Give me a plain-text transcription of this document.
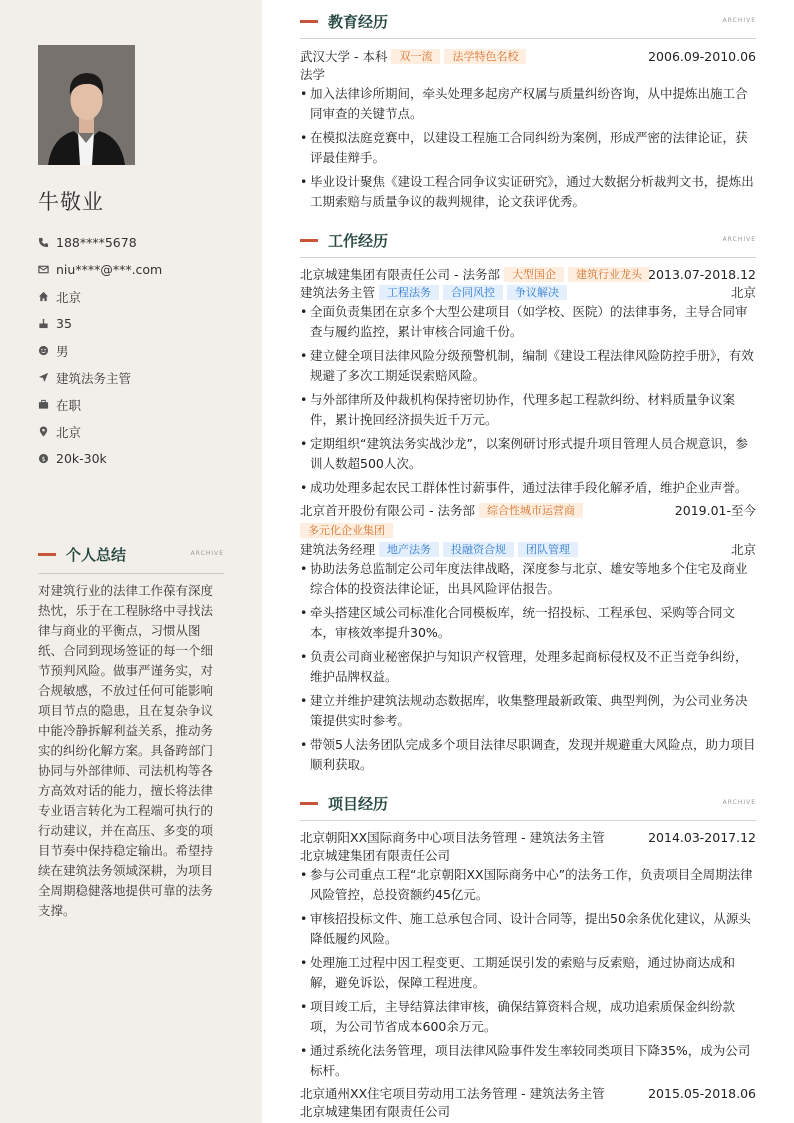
牛敬业
188****5678
niu****@***.com
北京
35
男
建筑法务主管
在职
北京
$ 20k-30k
个人总结	ARCHIVE
对建筑行业的法律工作葆有深度热忱，乐于在工程脉络中寻找法律与商业的平衡点，习惯从图纸、合同到现场签证的每一个细节预判风险。做事严谨务实，对合规敏感，不放过任何可能影响项目节点的隐患，且在复杂争议中能冷静拆解利益关系，推动务实的纠纷化解方案。具备跨部门协同与外部律师、司法机构等各方高效对话的能力，擅长将法律专业语言转化为工程端可执行的行动建议，并在高压、多变的项目节奏中保持稳定输出。希望持续在建筑法务领域深耕，为项目全周期稳健落地提供可靠的法务支撑。
教育经历	ARCHIVE
武汉大学 - 本科 双一流 法学特色名校	2006.09-2010.06
法学
• 加入法律诊所期间，牵头处理多起房产权属与质量纠纷咨询，从中提炼出施工合同审查的关键节点。
• 在模拟法庭竞赛中，以建设工程施工合同纠纷为案例，形成严密的法律论证，获评最佳辩手。
• 毕业设计聚焦《建设工程合同争议实证研究》，通过大数据分析裁判文书，提炼出工期索赔与质量争议的裁判规律，论文获评优秀。
工作经历	ARCHIVE
北京城建集团有限责任公司 - 法务部 大型国企 建筑行业龙头 2013.07-2018.12
建筑法务主管 工程法务 合同风控 争议解决	北京
• 全面负责集团在京多个大型公建项目（如学校、医院）的法律事务，主导合同审查与履约监控，累计审核合同逾千份。
• 建立健全项目法律风险分级预警机制，编制《建设工程法律风险防控手册》，有效规避了多次工期延误索赔风险。
• 与外部律所及仲裁机构保持密切协作，代理多起工程款纠纷、材料质量争议案件，累计挽回经济损失近千万元。
• 定期组织“建筑法务实战沙龙”，以案例研讨形式提升项目管理人员合规意识，参训人数超500人次。
• 成功处理多起农民工群体性讨薪事件，通过法律手段化解矛盾，维护企业声誉。
北京首开股份有限公司 - 法务部 综合性城市运营商	2019.01-至今
多元化企业集团
建筑法务经理 地产法务 投融资合规 团队管理	北京
• 协助法务总监制定公司年度法律战略，深度参与北京、雄安等地多个住宅及商业综合体的投资法律论证，出具风险评估报告。
• 牵头搭建区域公司标准化合同模板库，统一招投标、工程承包、采购等合同文本，审核效率提升30%。
• 负责公司商业秘密保护与知识产权管理，处理多起商标侵权及不正当竞争纠纷，维护品牌权益。
• 建立并维护建筑法规动态数据库，收集整理最新政策、典型判例，为公司业务决策提供实时参考。
• 带领5人法务团队完成多个项目法律尽职调查，发现并规避重大风险点，助力项目顺利获取。
项目经历	ARCHIVE
北京朝阳XX国际商务中心项目法务管理 - 建筑法务主管	2014.03-2017.12
北京城建集团有限责任公司
• 参与公司重点工程“北京朝阳XX国际商务中心”的法务工作，负责项目全周期法律风险管控，总投资额约45亿元。
• 审核招投标文件、施工总承包合同、设计合同等，提出50余条优化建议，从源头降低履约风险。
• 处理施工过程中因工程变更、工期延误引发的索赔与反索赔，通过协商达成和解，避免诉讼，保障工程进度。
• 项目竣工后，主导结算法律审核，确保结算资料合规，成功追索质保金纠纷款项，为公司节省成本600余万元。
• 通过系统化法务管理，项目法律风险事件发生率较同类项目下降35%，成为公司标杆。
北京通州XX住宅项目劳动用工法务管理 - 建筑法务主管	2015.05-2018.06
北京城建集团有限责任公司
